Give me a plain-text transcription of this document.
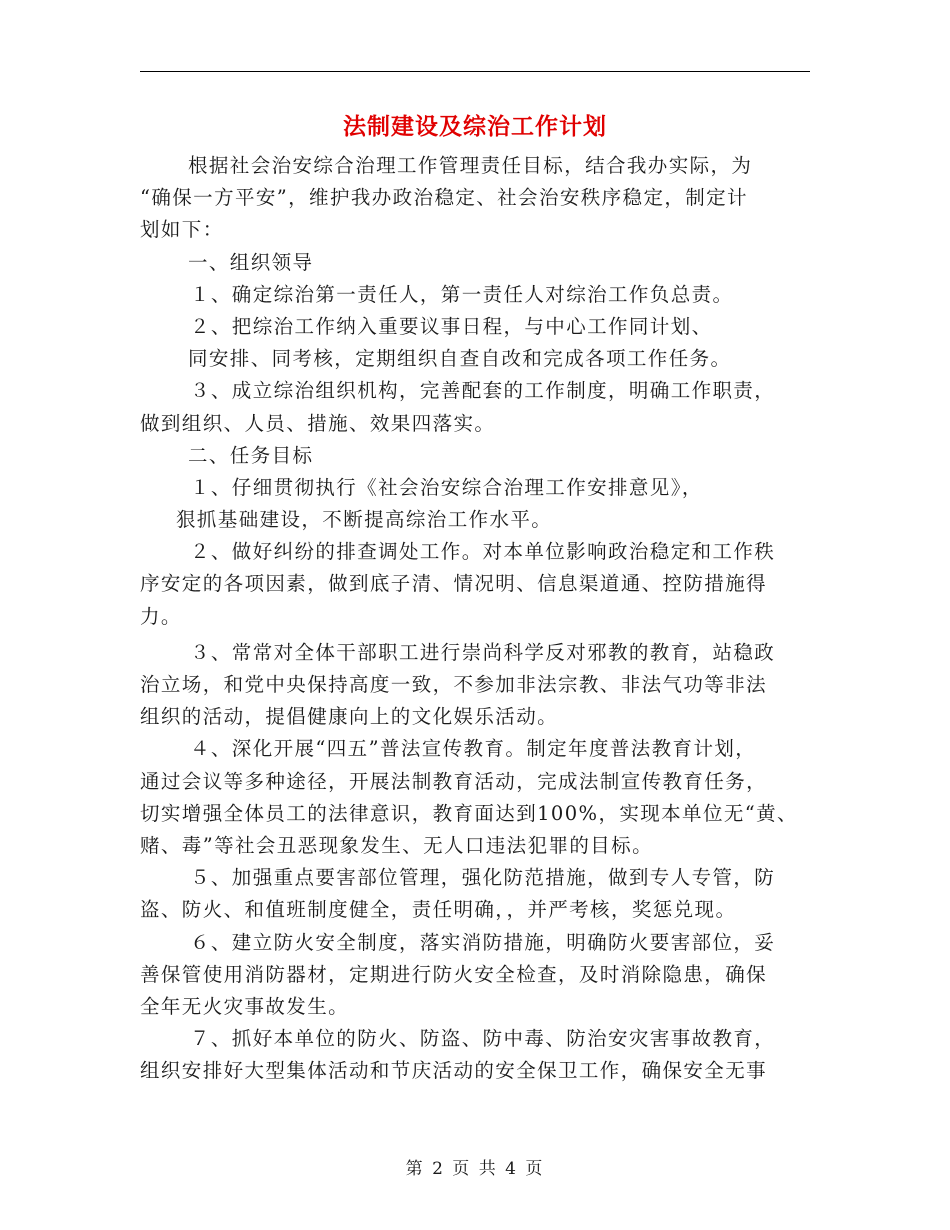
法制建设及综治工作计划
根据社会治安综合治理工作管理责任目标，结合我办实际，为
“确保一方平安”，维护我办政治稳定、社会治安秩序稳定，制定计
划如下：
一、组织领导
１、确定综治第一责任人，第一责任人对综治工作负总责。
２、把综治工作纳入重要议事日程，与中心工作同计划、
同安排、同考核，定期组织自查自改和完成各项工作任务。
３、成立综治组织机构，完善配套的工作制度，明确工作职责，
做到组织、人员、措施、效果四落实。
二、任务目标
１、仔细贯彻执行《社会治安综合治理工作安排意见》，
狠抓基础建设，不断提高综治工作水平。
２、做好纠纷的排查调处工作。对本单位影响政治稳定和工作秩
序安定的各项因素，做到底子清、情况明、信息渠道通、控防措施得
力。
３、常常对全体干部职工进行崇尚科学反对邪教的教育，站稳政
治立场，和党中央保持高度一致，不参加非法宗教、非法气功等非法
组织的活动，提倡健康向上的文化娱乐活动。
４、深化开展“四五”普法宣传教育。制定年度普法教育计划，
通过会议等多种途径，开展法制教育活动，完成法制宣传教育任务，
切实增强全体员工的法律意识，教育面达到100%，实现本单位无“黄、
赌、毒”等社会丑恶现象发生、无人口违法犯罪的目标。
５、加强重点要害部位管理，强化防范措施，做到专人专管，防
盗、防火、和值班制度健全，责任明确，，并严考核，奖惩兑现。
６、建立防火安全制度，落实消防措施，明确防火要害部位，妥
善保管使用消防器材，定期进行防火安全检查，及时消除隐患，确保
全年无火灾事故发生。
７、抓好本单位的防火、防盗、防中毒、防治安灾害事故教育，
组织安排好大型集体活动和节庆活动的安全保卫工作，确保安全无事
第 2 页 共 4 页
